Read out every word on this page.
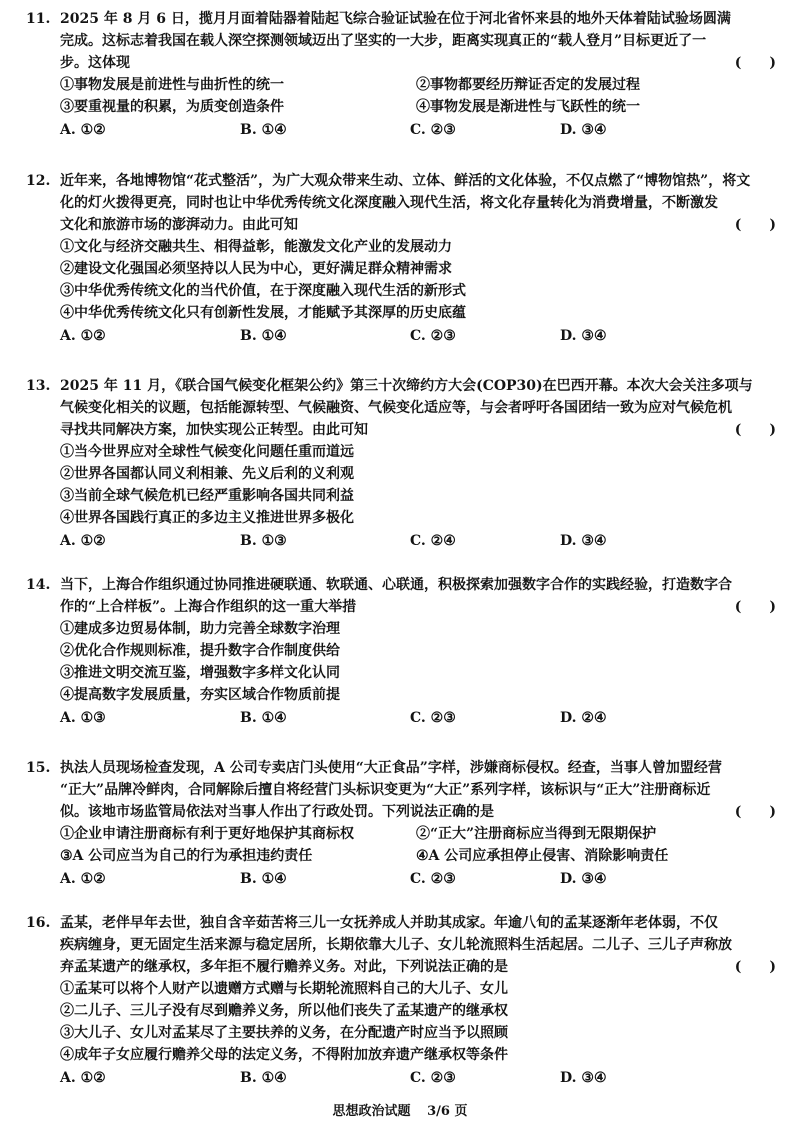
11. 2025 年 8 月 6 日，揽月月面着陆器着陆起飞综合验证试验在位于河北省怀来县的地外天体着陆试验场圆满
完成。这标志着我国在载人深空探测领域迈出了坚实的一大步，距离实现真正的“载人登月”目标更近了一
步。这体现	(　　)
①事物发展是前进性与曲折性的统一	②事物都要经历辩证否定的发展过程
③要重视量的积累，为质变创造条件	④事物发展是渐进性与飞跃性的统一
A. ①②	B. ①④	C. ②③	D. ③④
12. 近年来，各地博物馆“花式整活”，为广大观众带来生动、立体、鲜活的文化体验，不仅点燃了“博物馆热”，将文
化的灯火拨得更亮，同时也让中华优秀传统文化深度融入现代生活，将文化存量转化为消费增量，不断激发
文化和旅游市场的澎湃动力。由此可知	(　　)
①文化与经济交融共生、相得益彰，能激发文化产业的发展动力
②建设文化强国必须坚持以人民为中心，更好满足群众精神需求
③中华优秀传统文化的当代价值，在于深度融入现代生活的新形式
④中华优秀传统文化只有创新性发展，才能赋予其深厚的历史底蕴
A. ①②	B. ①④	C. ②③	D. ③④
13. 2025 年 11 月，《联合国气候变化框架公约》第三十次缔约方大会(COP30)在巴西开幕。本次大会关注多项与
气候变化相关的议题，包括能源转型、气候融资、气候变化适应等，与会者呼吁各国团结一致为应对气候危机
寻找共同解决方案，加快实现公正转型。由此可知	(　　)
①当今世界应对全球性气候变化问题任重而道远
②世界各国都认同义利相兼、先义后利的义利观
③当前全球气候危机已经严重影响各国共同利益
④世界各国践行真正的多边主义推进世界多极化
A. ①②	B. ①③	C. ②④	D. ③④
14. 当下，上海合作组织通过协同推进硬联通、软联通、心联通，积极探索加强数字合作的实践经验，打造数字合
作的“上合样板”。上海合作组织的这一重大举措	(　　)
①建成多边贸易体制，助力完善全球数字治理
②优化合作规则标准，提升数字合作制度供给
③推进文明交流互鉴，增强数字多样文化认同
④提高数字发展质量，夯实区域合作物质前提
A. ①③	B. ①④	C. ②③	D. ②④
15. 执法人员现场检查发现，A 公司专卖店门头使用“大正食品”字样，涉嫌商标侵权。经查，当事人曾加盟经营
“正大”品牌冷鲜肉，合同解除后擅自将经营门头标识变更为“大正”系列字样，该标识与“正大”注册商标近
似。该地市场监管局依法对当事人作出了行政处罚。下列说法正确的是	(　　)
①企业申请注册商标有利于更好地保护其商标权	②“正大”注册商标应当得到无限期保护
③A 公司应当为自己的行为承担违约责任	④A 公司应承担停止侵害、消除影响责任
A. ①②	B. ①④	C. ②③	D. ③④
16. 孟某，老伴早年去世，独自含辛茹苦将三儿一女抚养成人并助其成家。年逾八旬的孟某逐渐年老体弱，不仅
疾病缠身，更无固定生活来源与稳定居所，长期依靠大儿子、女儿轮流照料生活起居。二儿子、三儿子声称放
弃孟某遗产的继承权，多年拒不履行赡养义务。对此，下列说法正确的是	(　　)
①孟某可以将个人财产以遗赠方式赠与长期轮流照料自己的大儿子、女儿
②二儿子、三儿子没有尽到赡养义务，所以他们丧失了孟某遗产的继承权
③大儿子、女儿对孟某尽了主要扶养的义务，在分配遗产时应当予以照顾
④成年子女应履行赡养父母的法定义务，不得附加放弃遗产继承权等条件
A. ①②	B. ①④	C. ②③	D. ③④
思想政治试题 3/6 页
